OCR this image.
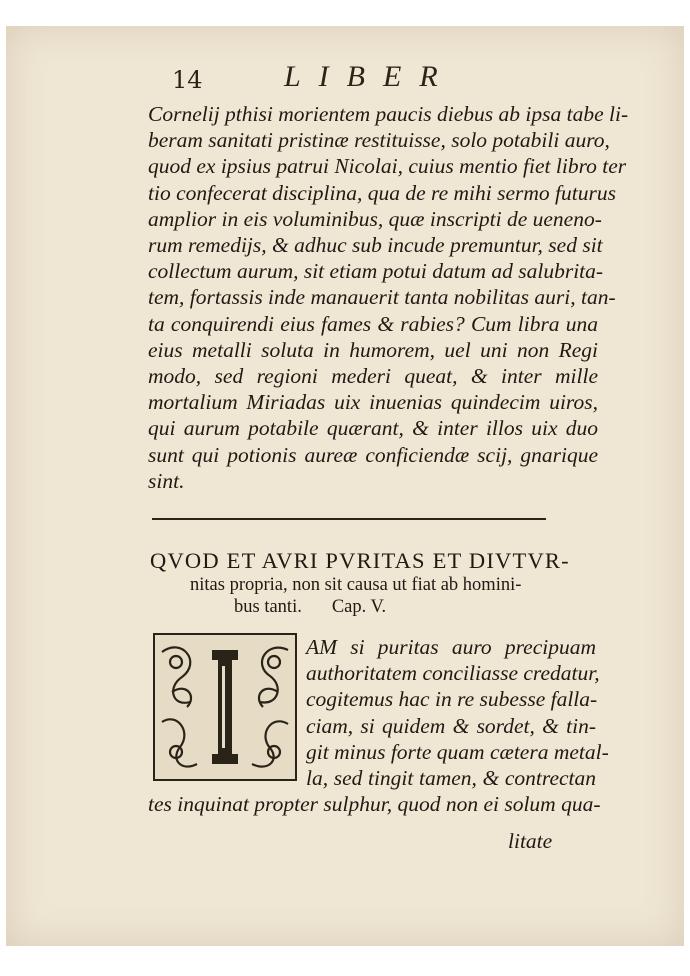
14	LIBER
Cornelij pthisi morientem paucis diebus ab ipsa tabe li-
beram sanitati pristinæ restituisse, solo potabili auro,
quod ex ipsius patrui Nicolai, cuius mentio fiet libro ter
tio confecerat disciplina, qua de re mihi sermo futurus
amplior in eis voluminibus, quæ inscripti de ueneno-
rum remedijs, & adhuc sub incude premuntur, sed sit
collectum aurum, sit etiam potui datum ad salubrita-
tem, fortassis inde manauerit tanta nobilitas auri, tan-
ta conquirendi eius fames & rabies? Cum libra una
eius metalli soluta in humorem, uel uni non Regi
modo, sed regioni mederi queat, & inter mille
mortalium Miriadas uix inuenias quindecim uiros,
qui aurum potabile quærant, & inter illos uix duo
sunt qui potionis aureæ conficiendæ scij, gnarique
sint.
QVOD ET AVRI PVRITAS ET DIVTVR-
nitas propria, non sit causa ut fiat ab homini-
bus tanti. Cap. V.
AM si puritas auro precipuam
authoritatem conciliasse credatur,
cogitemus hac in re subesse falla-
ciam, si quidem & sordet, & tin-
git minus forte quam cætera metal-
la, sed tingit tamen, & contrectan
tes inquinat propter sulphur, quod non ei solum qua-
litate
